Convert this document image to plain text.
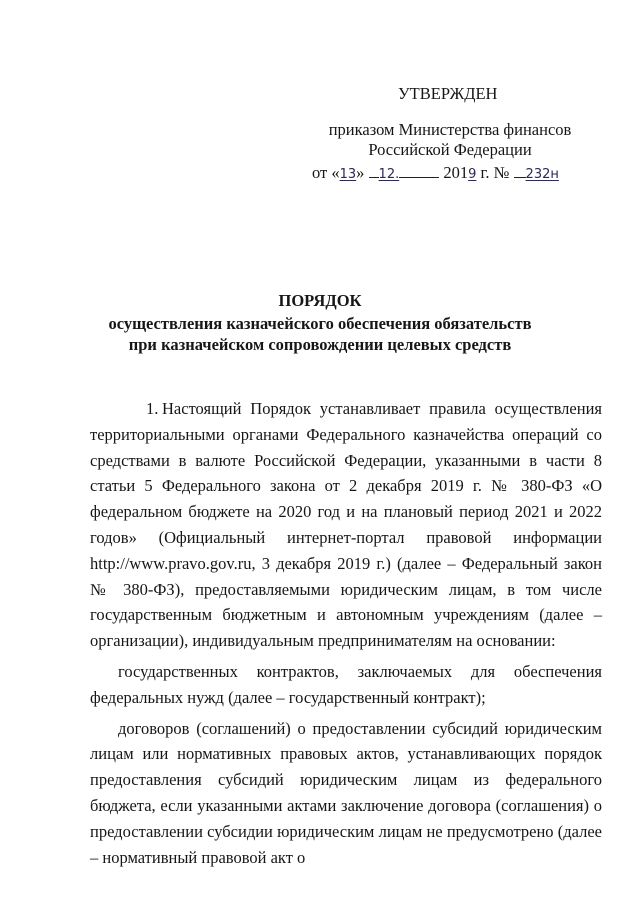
УТВЕРЖДЕН
приказом Министерства финансов
Российской Федерации
от «13» 12.	2019 г. № 232н
ПОРЯДОК
осуществления казначейского обеспечения обязательств
при казначейском сопровождении целевых средств

1. Настоящий Порядок устанавливает правила осуществления территориальными органами Федерального казначейства операций со средствами в валюте Российской Федерации, указанными в части 8 статьи 5 Федерального закона от 2 декабря 2019 г. № 380-ФЗ «О федеральном бюджете на 2020 год и на плановый период 2021 и 2022 годов» (Официальный интернет-портал правовой информации http://www.pravo.gov.ru, 3 декабря 2019 г.) (далее – Федеральный закон № 380-ФЗ), предоставляемыми юридическим лицам, в том числе государственным бюджетным и автономным учреждениям (далее – организации), индивидуальным предпринимателям на основании:

государственных контрактов, заключаемых для обеспечения федеральных нужд (далее – государственный контракт);

договоров (соглашений) о предоставлении субсидий юридическим лицам или нормативных правовых актов, устанавливающих порядок предоставления субсидий юридическим лицам из федерального бюджета, если указанными актами заключение договора (соглашения) о предоставлении субсидии юридическим лицам не предусмотрено (далее – нормативный правовой акт о
